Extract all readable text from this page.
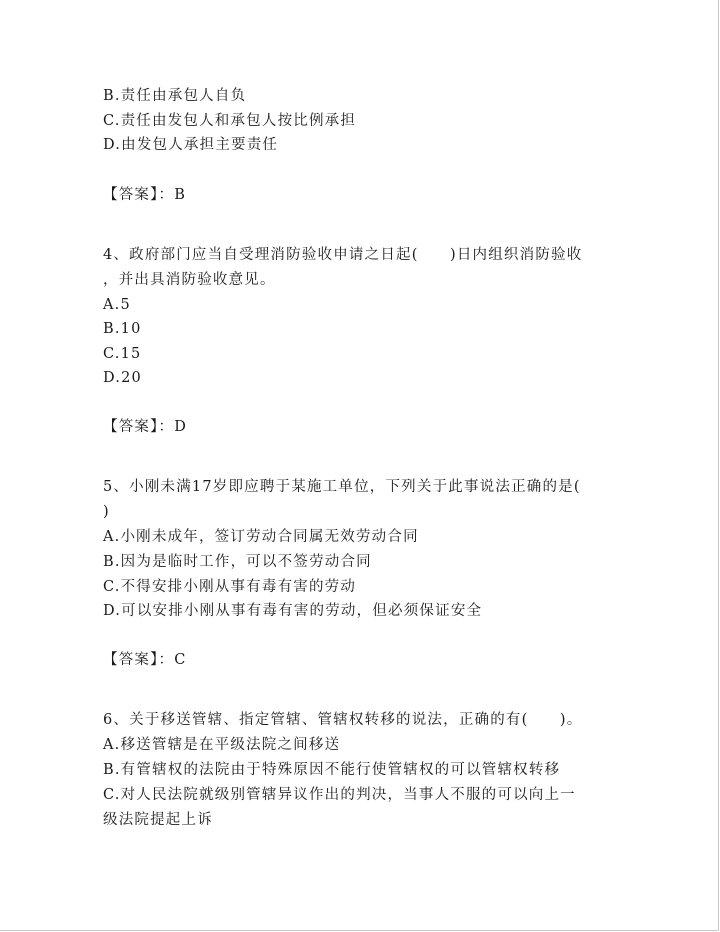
B.责任由承包人自负
C.责任由发包人和承包人按比例承担
D.由发包人承担主要责任
【答案】：B
4、政府部门应当自受理消防验收申请之日起(　　)日内组织消防验收
，并出具消防验收意见。
A.5
B.10
C.15
D.20
【答案】：D
5、小刚未满17岁即应聘于某施工单位，下列关于此事说法正确的是(
)
A.小刚未成年，签订劳动合同属无效劳动合同
B.因为是临时工作，可以不签劳动合同
C.不得安排小刚从事有毒有害的劳动
D.可以安排小刚从事有毒有害的劳动，但必须保证安全
【答案】：C
6、关于移送管辖、指定管辖、管辖权转移的说法，正确的有(　　)。
A.移送管辖是在平级法院之间移送
B.有管辖权的法院由于特殊原因不能行使管辖权的可以管辖权转移
C.对人民法院就级别管辖异议作出的判决，当事人不服的可以向上一
级法院提起上诉
